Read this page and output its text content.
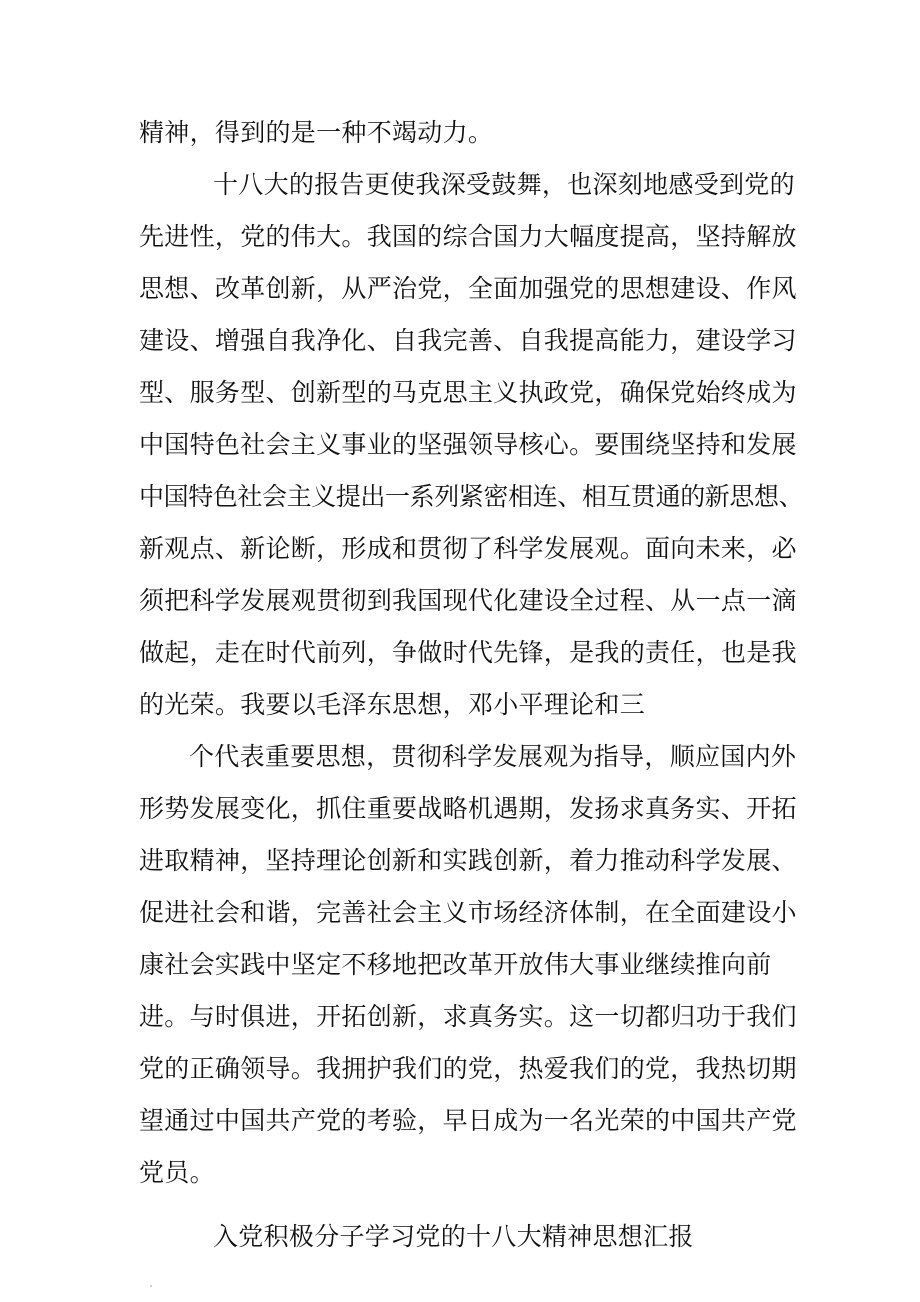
精神，得到的是一种不竭动力。
十八大的报告更使我深受鼓舞，也深刻地感受到党的
先进性，党的伟大。我国的综合国力大幅度提高，坚持解放
思想、改革创新，从严治党，全面加强党的思想建设、作风
建设、增强自我净化、自我完善、自我提高能力，建设学习
型、服务型、创新型的马克思主义执政党，确保党始终成为
中国特色社会主义事业的坚强领导核心。要围绕坚持和发展
中国特色社会主义提出一系列紧密相连、相互贯通的新思想、
新观点、新论断，形成和贯彻了科学发展观。面向未来，必
须把科学发展观贯彻到我国现代化建设全过程、从一点一滴
做起，走在时代前列，争做时代先锋，是我的责任，也是我
的光荣。我要以毛泽东思想，邓小平理论和三
个代表重要思想，贯彻科学发展观为指导，顺应国内外
形势发展变化，抓住重要战略机遇期，发扬求真务实、开拓
进取精神，坚持理论创新和实践创新，着力推动科学发展、
促进社会和谐，完善社会主义市场经济体制，在全面建设小
康社会实践中坚定不移地把改革开放伟大事业继续推向前
进。与时俱进，开拓创新，求真务实。这一切都归功于我们
党的正确领导。我拥护我们的党，热爱我们的党，我热切期
望通过中国共产党的考验，早日成为一名光荣的中国共产党
党员。
入党积极分子学习党的十八大精神思想汇报
